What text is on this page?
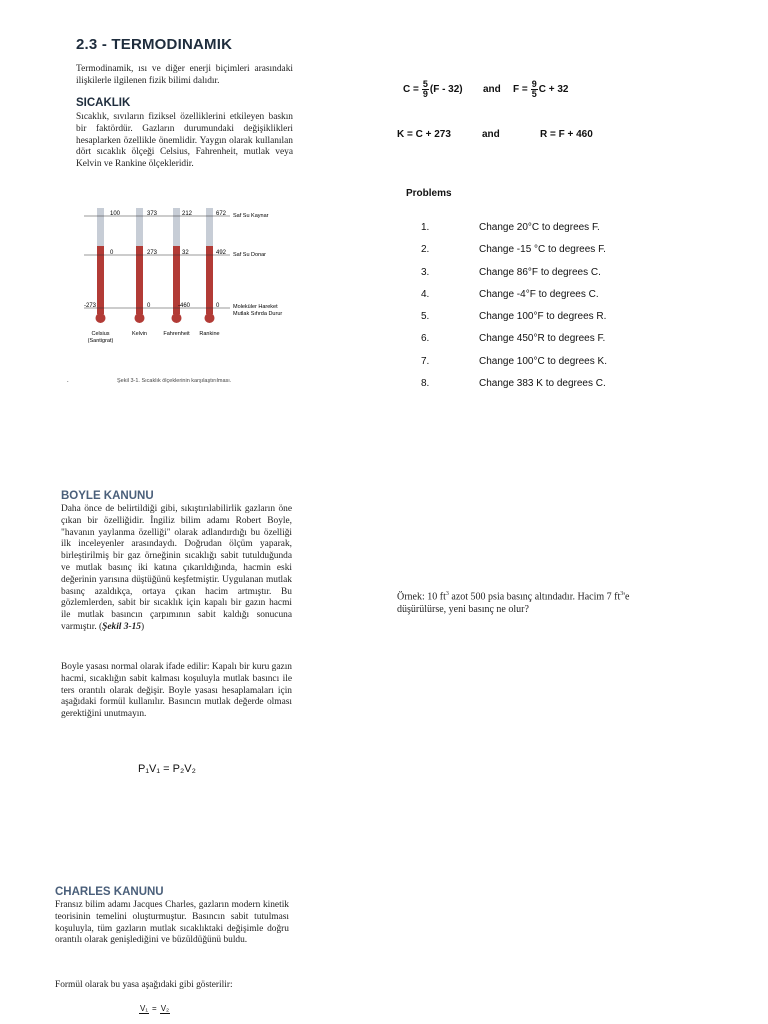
2.3 - TERMODINAMIK
Termodinamik, ısı ve diğer enerji biçimleri arasındaki ilişkilerle ilgilenen fizik bilimi dalıdır.
SICAKLIK
Sıcaklık, sıvıların fiziksel özelliklerini etkileyen baskın bir faktördür. Gazların durumundaki değişiklikleri hesaplarken özellikle önemlidir. Yaygın olarak kullanılan dört sıcaklık ölçeği Celsius, Fahrenheit, mutlak veya Kelvin ve Rankine ölçekleridir.
100
0
-273
373
273
0
212
32
-460
672
492
0
Saf Su Kaynar
Saf Su Donar
Moleküler Hareket
Mutlak Sıfırda Durur
Celsius
(Santigrat)
Kelvin	Fahrenheit Rankine
.	Şekil 3-1. Sıcaklık ölçeklerinin karşılaştırılması.
$C = \frac{5}{9} (F - 32)$ and $F = \frac{9}{5}$ C + 32
K = C + 273	and	R = F + 460
Problems
1.	Change 20°C to degrees F.
2.	Change -15 °C to degrees F.
3.	Change 86°F to degrees C.
4.	Change -4°F to degrees C.
5.	Change 100°F to degrees R.
6.	Change 450°R to degrees F.
7.	Change 100°C to degrees K.
8.	Change 383 K to degrees C.
BOYLE KANUNU
Daha önce de belirtildiği gibi, sıkıştırılabilirlik gazların öne çıkan bir özelliğidir. İngiliz bilim adamı Robert Boyle, "havanın yaylanma özelliği" olarak adlandırdığı bu özelliği ilk inceleyenler arasındaydı. Doğrudan ölçüm yaparak, birleştirilmiş bir gaz örneğinin sıcaklığı sabit tutulduğunda ve mutlak basınç iki katına çıkarıldığında, hacmin eski değerinin yarısına düştüğünü keşfetmiştir. Uygulanan mutlak basınç azaldıkça, ortaya çıkan hacim artmıştır. Bu gözlemlerden, sabit bir sıcaklık için kapalı bir gazın hacmi ile mutlak basıncın çarpımının sabit kaldığı sonucuna varmıştır. (Şekil 3-15)
Boyle yasası normal olarak ifade edilir: Kapalı bir kuru gazın hacmi, sıcaklığın sabit kalması koşuluyla mutlak basıncı ile ters orantılı olarak değişir. Boyle yasası hesaplamaları için aşağıdaki formül kullanılır. Basıncın mutlak değerde olması gerektiğini unutmayın.
P₁V₁ = P₂V₂
Örnek: 10 $ft^3$ azot 500 psia basınç altındadır. Hacim 7 $ft^3'e$ düşürülürse, yeni basınç ne olur?
CHARLES KANUNU
Fransız bilim adamı Jacques Charles, gazların modern kinetik teorisinin temelini oluşturmuştur. Basıncın sabit tutulması koşuluyla, tüm gazların mutlak sıcaklıktaki değişimle doğru orantılı olarak genişlediğini ve büzüldüğünü buldu.
Formül olarak bu yasa aşağıdaki gibi gösterilir:
V₁ = V₂
